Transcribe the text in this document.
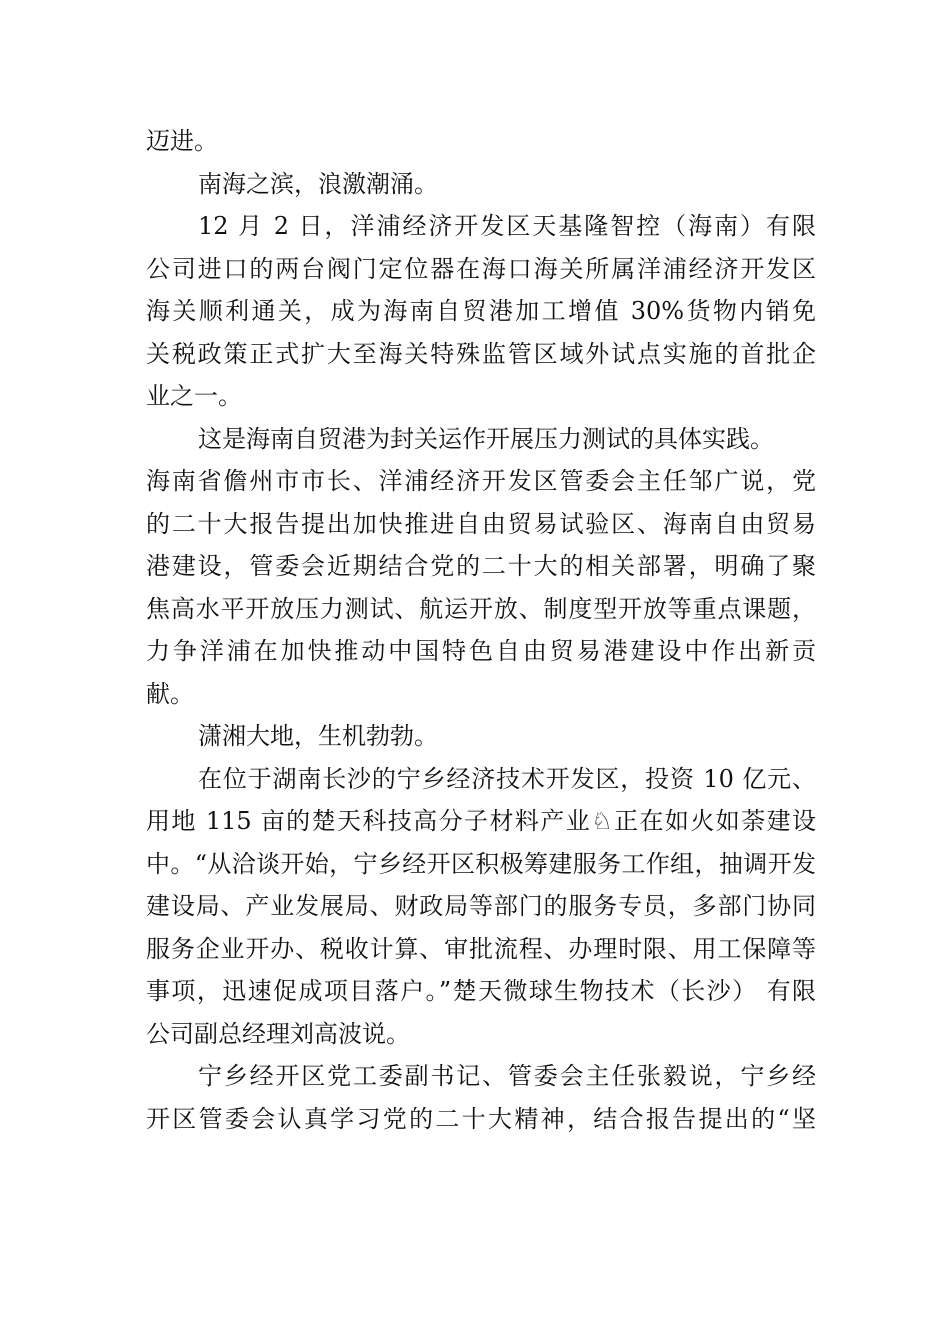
迈进。
南海之滨，浪激潮涌。
12 月 2 日，洋浦经济开发区天基隆智控（海南）有限
公司进口的两台阀门定位器在海口海关所属洋浦经济开发区
海关顺利通关，成为海南自贸港加工增值 30%货物内销免
关税政策正式扩大至海关特殊监管区域外试点实施的首批企
业之一。
这是海南自贸港为封关运作开展压力测试的具体实践。
海南省儋州市市长、洋浦经济开发区管委会主任邹广说，党
的二十大报告提出加快推进自由贸易试验区、海南自由贸易
港建设，管委会近期结合党的二十大的相关部署，明确了聚
焦高水平开放压力测试、航运开放、制度型开放等重点课题，
力争洋浦在加快推动中国特色自由贸易港建设中作出新贡
献。
潇湘大地，生机勃勃。
在位于湖南长沙的宁乡经济技术开发区，投资 10 亿元、
用地 115 亩的楚天科技高分子材料产业♘正在如火如荼建设
中。“从洽谈开始，宁乡经开区积极筹建服务工作组，抽调开发
建设局、产业发展局、财政局等部门的服务专员，多部门协同
服务企业开办、税收计算、审批流程、办理时限、用工保障等
事项，迅速促成项目落户。”楚天微球生物技术（长沙） 有限
公司副总经理刘高波说。
宁乡经开区党工委副书记、管委会主任张毅说，宁乡经
开区管委会认真学习党的二十大精神，结合报告提出的“坚
